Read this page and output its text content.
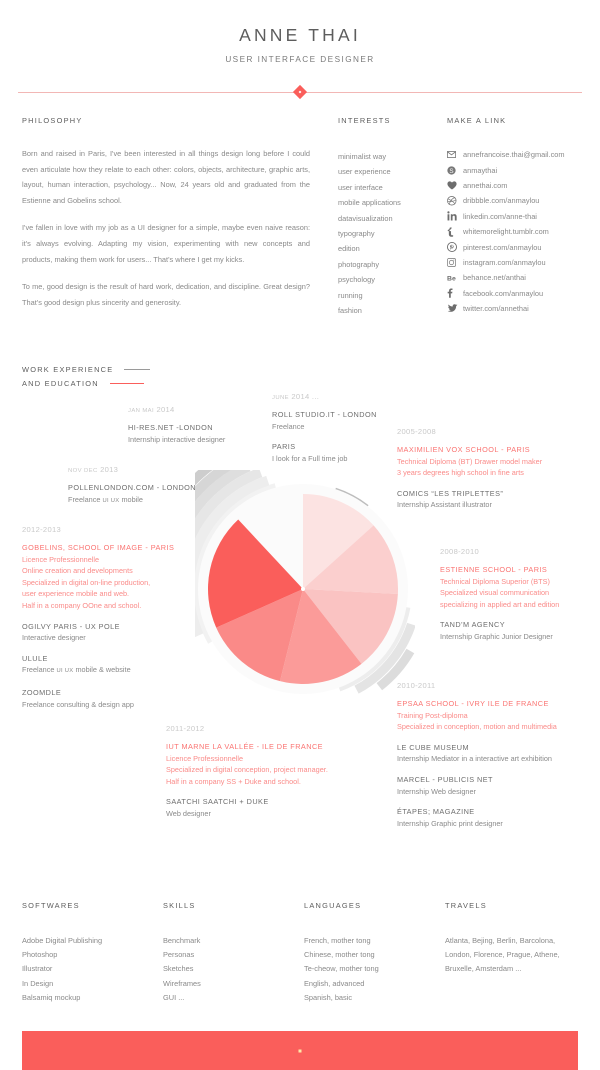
ANNE THAI
USER INTERFACE DESIGNER
PHILOSOPHY

Born and raised in Paris, I've been interested in all things design long before I could even articulate how they relate to each other: colors, objects, architecture, graphic arts, layout, human interaction, psychology... Now, 24 years old and graduated from the Estienne and Gobelins school.

I've fallen in love with my job as a UI designer for a simple, maybe even naive reason: it's always evolving. Adapting my vision, experimenting with new concepts and products, making them work for users... That's where I get my kicks.

To me, good design is the result of hard work, dedication, and discipline. Great design? That's good design plus sincerity and generosity.

INTERESTS
minimalist way
user experience
user interface
mobile applications
datavisualization
typography
edition
photography
psychology
running
fashion
MAKE A LINK
annefrancoise.thai@gmail.com
S anmaythai
annethai.com
dribbble.com/anmaylou
linkedin.com/anne-thai
whitemorelight.tumblr.com
pinterest.com/anmaylou
instagram.com/anmaylou
Be behance.net/anthai
facebook.com/anmaylou
twitter.com/annethai
WORK EXPERIENCE
AND EDUCATION
JAN MAI 2014
HI-RES.NET -LONDON
Internship interactive designer
NOV DEC 2013
POLLENLONDON.COM - LONDON
Freelance UI UX mobile
JUNE 2014 ...
ROLL STUDIO.IT - LONDON
Freelance
PARIS
I look for a Full time job
2012-2013
GOBELINS, SCHOOL OF IMAGE - PARIS
Licence Professionnelle
Online creation and developments
Specialized in digital on-line production,
user experience mobile and web.
Half in a company OOne and school.
OGILVY PARIS - UX POLE
Interactive designer
ULULE
Freelance UI UX mobile & website
ZOOMDLE
Freelance consulting & design app
2011-2012
IUT MARNE LA VALLÉE - ILE DE FRANCE
Licence Professionnelle
Specialized in digital conception, project manager.
Half in a company SS + Duke and school.
SAATCHI SAATCHI + DUKE
Web designer
2005-2008
MAXIMILIEN VOX SCHOOL - PARIS
Technical Diploma (BT) Drawer model maker
3 years degrees high school in fine arts
COMICS “LES TRIPLETTES”
Internship Assistant illustrator
2008-2010
ESTIENNE SCHOOL - PARIS
Technical Diploma Superior (BTS)
Specialized visual communication
specializing in applied art and edition
TAND'M AGENCY
Internship Graphic Junior Designer
2010-2011
EPSAA SCHOOL - IVRY ILE DE FRANCE
Training Post-diploma
Specialized in conception, motion and multimedia
LE CUBE MUSEUM
Internship Mediator in a interactive art exhibition
MARCEL - PUBLICIS NET
Internship Web designer
ÉTAPES; MAGAZINE
Internship Graphic print designer
SOFTWARES
Adobe Digital Publishing
Photoshop
Illustrator
In Design
Balsamiq mockup
SKILLS
Benchmark
Personas
Sketches
Wireframes
GUI ...
LANGUAGES
French, mother tong
Chinese, mother tong
Te-cheow, mother tong
English, advanced
Spanish, basic
TRAVELS
Atlanta, Bejing, Berlin, Barcolona,
London, Florence, Prague, Athene,
Bruxelle, Amsterdam ...
